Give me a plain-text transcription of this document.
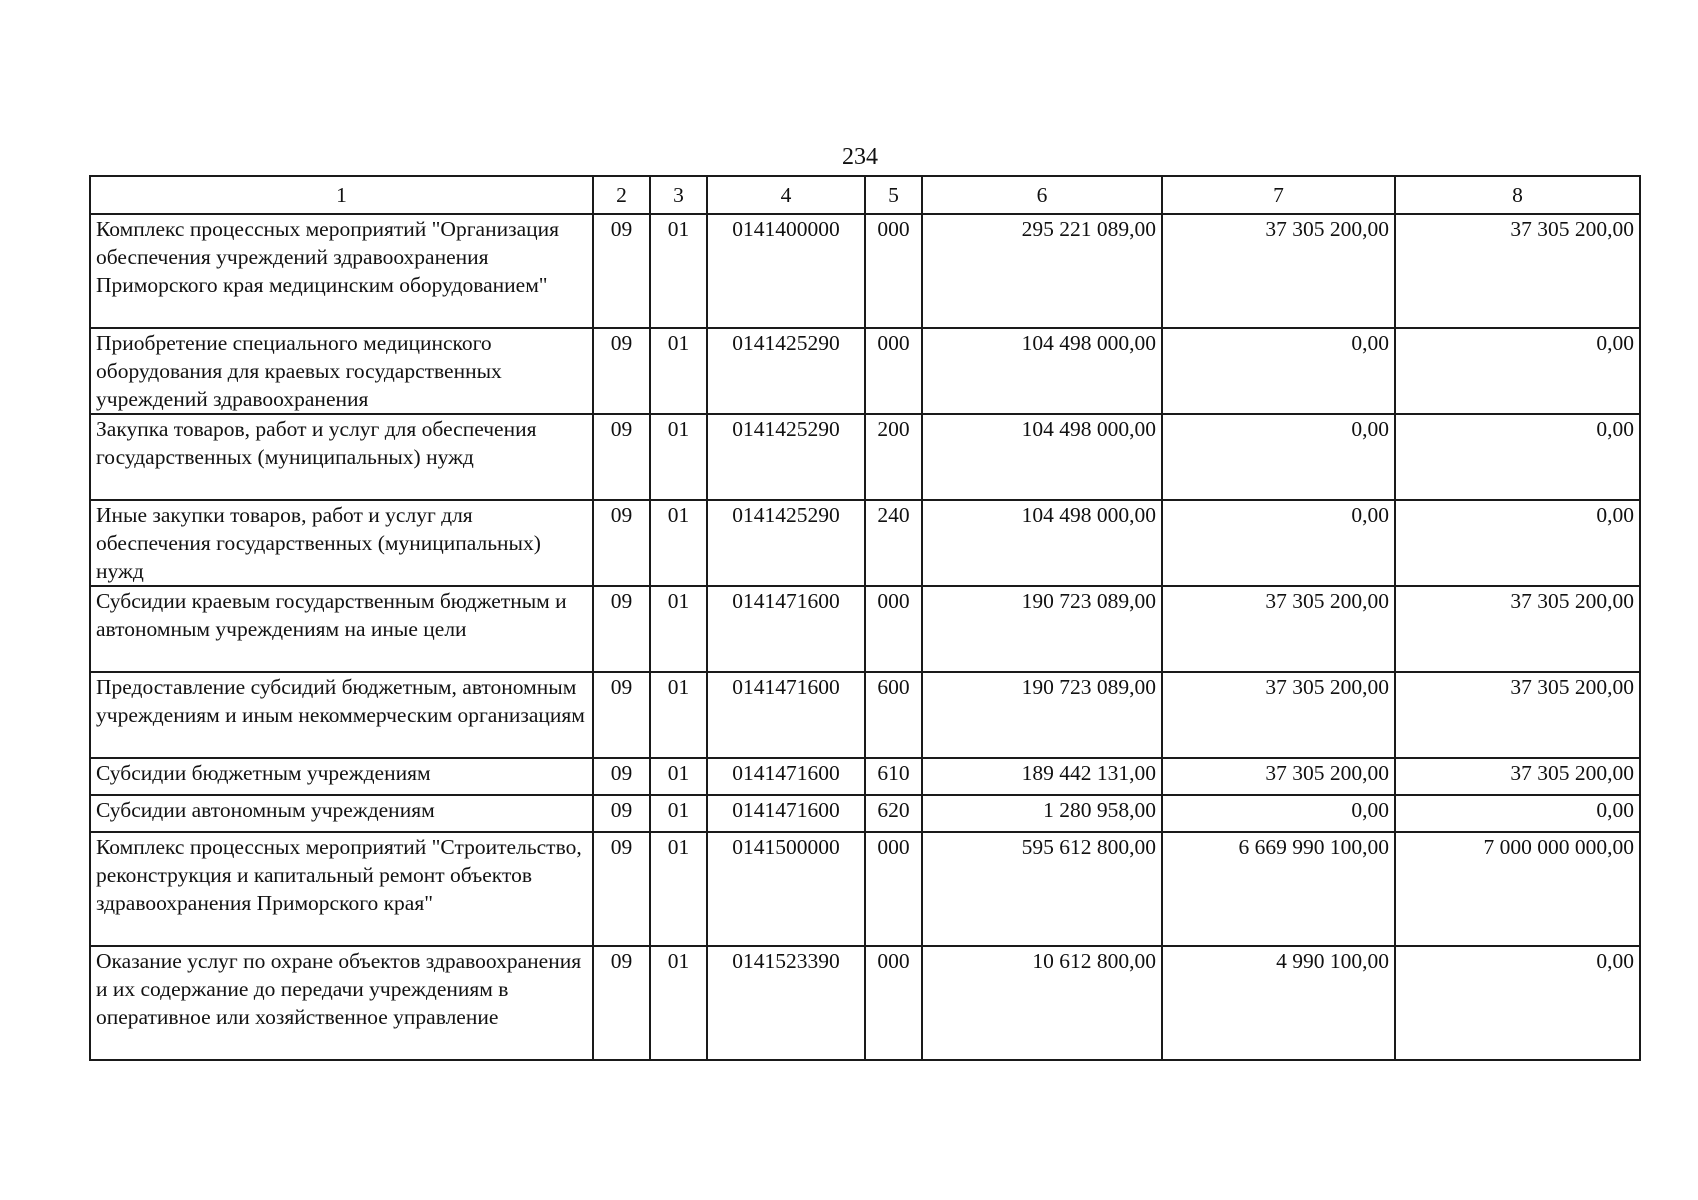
234
1	2	3	4	5	6	7	8
Комплекс процессных мероприятий "Организация обеспечения учреждений здравоохранения Приморского края медицинским оборудованием"	09	01	0141400000	000	295 221 089,00	37 305 200,00	37 305 200,00
Приобретение специального медицинского оборудования для краевых государственных учреждений здравоохранения	09	01	0141425290	000	104 498 000,00	0,00	0,00
Закупка товаров, работ и услуг для обеспечения государственных (муниципальных) нужд	09	01	0141425290	200	104 498 000,00	0,00	0,00
Иные закупки товаров, работ и услуг для обеспечения государственных (муниципальных) нужд	09	01	0141425290	240	104 498 000,00	0,00	0,00
Субсидии краевым государственным бюджетным и автономным учреждениям на иные цели	09	01	0141471600	000	190 723 089,00	37 305 200,00	37 305 200,00
Предоставление субсидий бюджетным, автономным учреждениям и иным некоммерческим организациям	09	01	0141471600	600	190 723 089,00	37 305 200,00	37 305 200,00
Субсидии бюджетным учреждениям	09	01	0141471600	610	189 442 131,00	37 305 200,00	37 305 200,00
Субсидии автономным учреждениям	09	01	0141471600	620	1 280 958,00	0,00	0,00
Комплекс процессных мероприятий "Строительство, реконструкция и капитальный ремонт объектов здравоохранения Приморского края"	09	01	0141500000	000	595 612 800,00	6 669 990 100,00	7 000 000 000,00
Оказание услуг по охране объектов здравоохранения и их содержание до передачи учреждениям в оперативное или хозяйственное управление	09	01	0141523390	000	10 612 800,00	4 990 100,00	0,00
